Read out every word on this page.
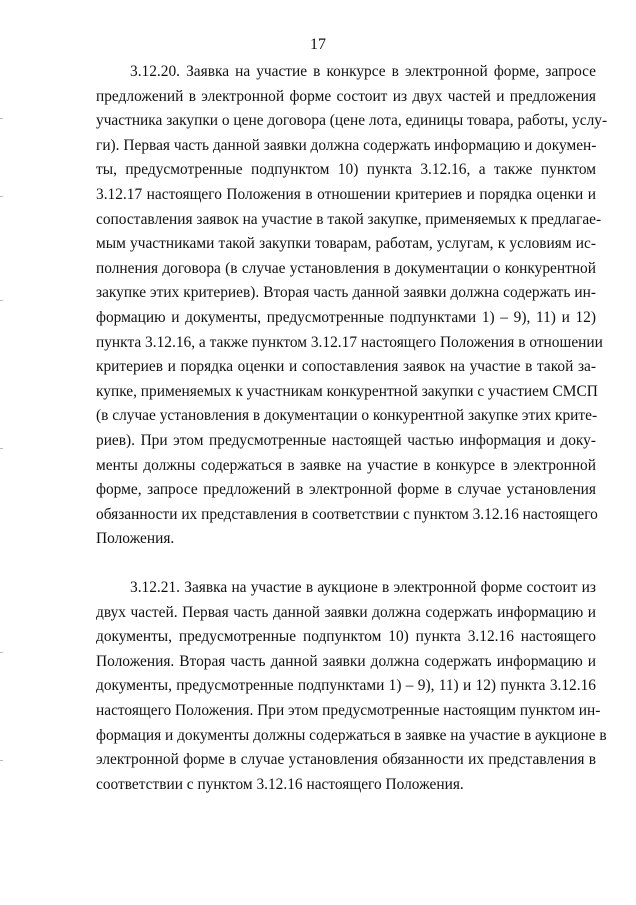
17

3.12.20. Заявка на участие в конкурсе в электронной форме, запросе
предложений в электронной форме состоит из двух частей и предложения
участника закупки о цене договора (цене лота, единицы товара, работы, услу-
ги). Первая часть данной заявки должна содержать информацию и докумен-
ты, предусмотренные подпунктом 10) пункта 3.12.16, а также пунктом
3.12.17 настоящего Положения в отношении критериев и порядка оценки и
сопоставления заявок на участие в такой закупке, применяемых к предлагае-
мым участниками такой закупки товарам, работам, услугам, к условиям ис-
полнения договора (в случае установления в документации о конкурентной
закупке этих критериев). Вторая часть данной заявки должна содержать ин-
формацию и документы, предусмотренные подпунктами 1) – 9), 11) и 12)
пункта 3.12.16, а также пунктом 3.12.17 настоящего Положения в отношении
критериев и порядка оценки и сопоставления заявок на участие в такой за-
купке, применяемых к участникам конкурентной закупки с участием СМСП
(в случае установления в документации о конкурентной закупке этих крите-
риев). При этом предусмотренные настоящей частью информация и доку-
менты должны содержаться в заявке на участие в конкурсе в электронной
форме, запросе предложений в электронной форме в случае установления
обязанности их представления в соответствии с пунктом 3.12.16 настоящего
Положения.

3.12.21. Заявка на участие в аукционе в электронной форме состоит из
двух частей. Первая часть данной заявки должна содержать информацию и
документы, предусмотренные подпунктом 10) пункта 3.12.16 настоящего
Положения. Вторая часть данной заявки должна содержать информацию и
документы, предусмотренные подпунктами 1) – 9), 11) и 12) пункта 3.12.16
настоящего Положения. При этом предусмотренные настоящим пунктом ин-
формация и документы должны содержаться в заявке на участие в аукционе в
электронной форме в случае установления обязанности их представления в
соответствии с пунктом 3.12.16 настоящего Положения.
